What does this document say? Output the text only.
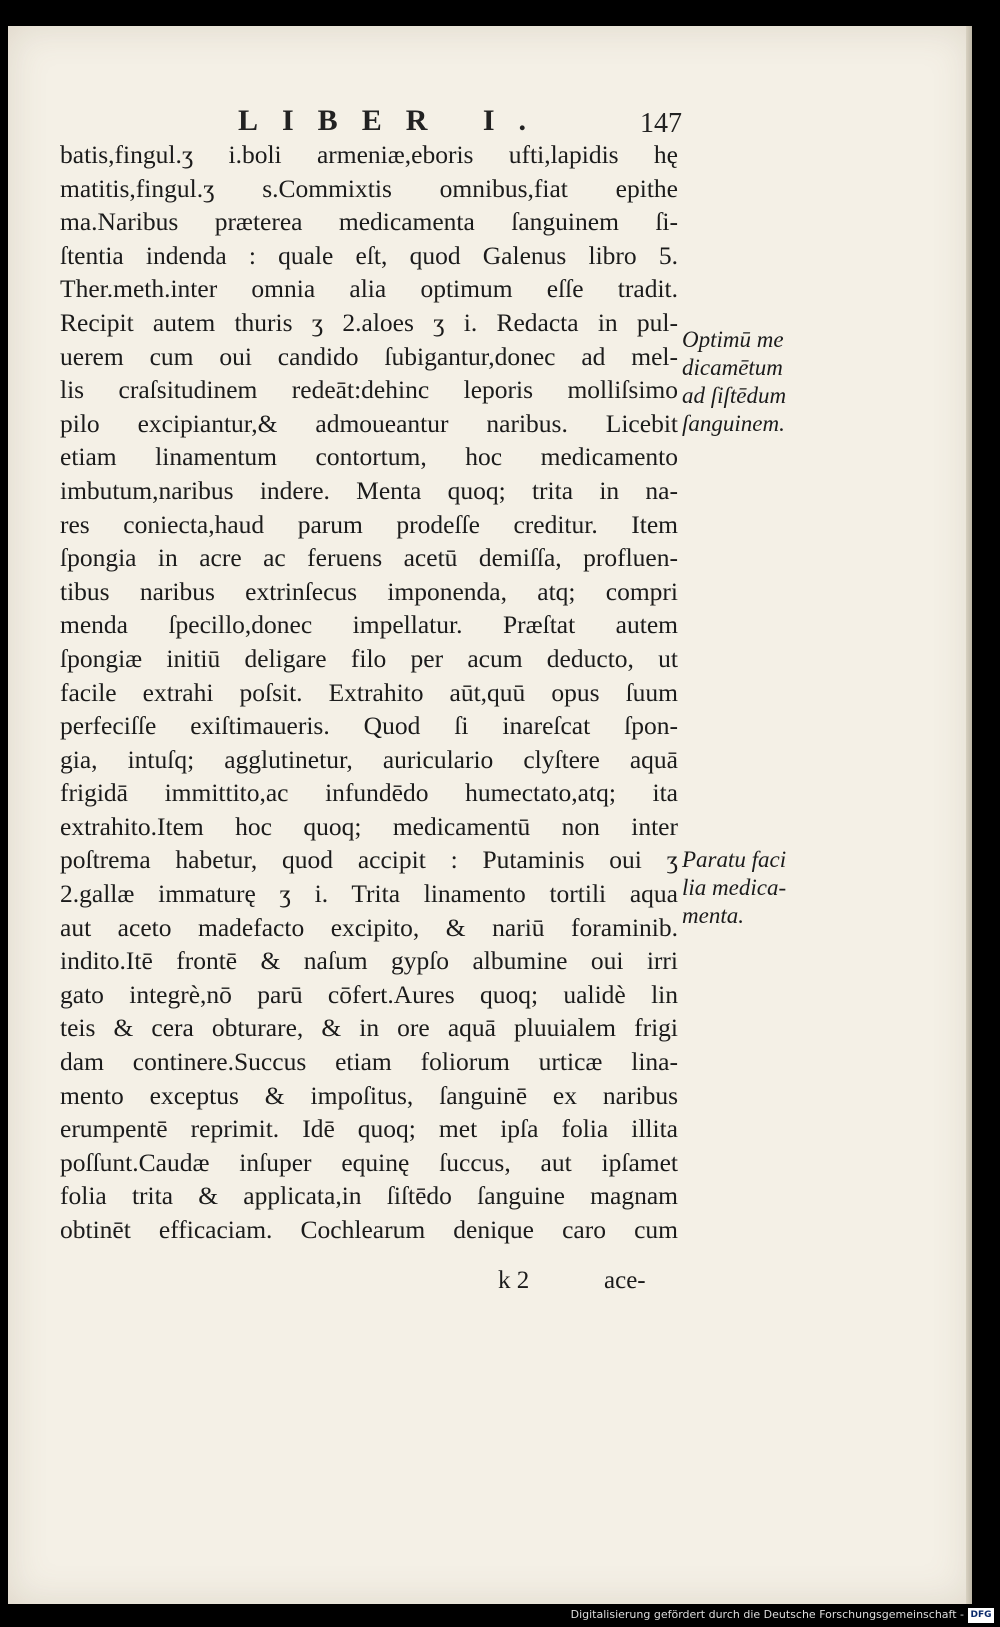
LIBER I.	147
batis,fingul.ʒ i.boli armeniæ,eboris ufti,lapidis hę
matitis,fingul.ʒ s.Commixtis omnibus,fiat epithe
ma.Naribus præterea medicamenta ſanguinem ſi-
ſtentia indenda : quale eſt, quod Galenus libro 5.
Ther.meth.inter omnia alia optimum eſſe tradit.
Recipit autem thuris ʒ 2.aloes ʒ i. Redacta in pul-
uerem cum oui candido ſubigantur,donec ad mel-
lis craſsitudinem redeāt:dehinc leporis molliſsimo
pilo excipiantur,& admoueantur naribus. Licebit
etiam linamentum contortum, hoc medicamento
imbutum,naribus indere. Menta quoq; trita in na-
res coniecta,haud parum prodeſſe creditur. Item
ſpongia in acre ac feruens acetū demiſſa, profluen-
tibus naribus extrinſecus imponenda, atq; compri
menda ſpecillo,donec impellatur. Præſtat autem
ſpongiæ initiū deligare filo per acum deducto, ut
facile extrahi poſsit. Extrahito aūt,quū opus ſuum
perfeciſſe exiſtimaueris. Quod ſi inareſcat ſpon-
gia, intuſq; agglutinetur, auriculario clyſtere aquā
frigidā immittito,ac infundēdo humectato,atq; ita
extrahito.Item hoc quoq; medicamentū non inter
poſtrema habetur, quod accipit : Putaminis oui ʒ
2.gallæ immaturę ʒ i. Trita linamento tortili aqua
aut aceto madefacto excipito, & nariū foraminib.
indito.Itē frontē & naſum gypſo albumine oui irri
gato integrè,nō parū cōfert.Aures quoq; ualidè lin
teis & cera obturare, & in ore aquā pluuialem frigi
dam continere.Succus etiam foliorum urticæ lina-
mento exceptus & impoſitus, ſanguinē ex naribus
erumpentē reprimit. Idē quoq; met ipſa folia illita
poſſunt.Caudæ inſuper equinę ſuccus, aut ipſamet
folia trita & applicata,in ſiſtēdo ſanguine magnam
obtinēt efficaciam. Cochlearum denique caro cum
Optimū me
dicamētum
ad ſiſtēdum
ſanguinem.
Paratu faci
lia medica-
menta.
k 2	ace-
Digitalisierung gefördert durch die Deutsche Forschungsgemeinschaft - DFG
